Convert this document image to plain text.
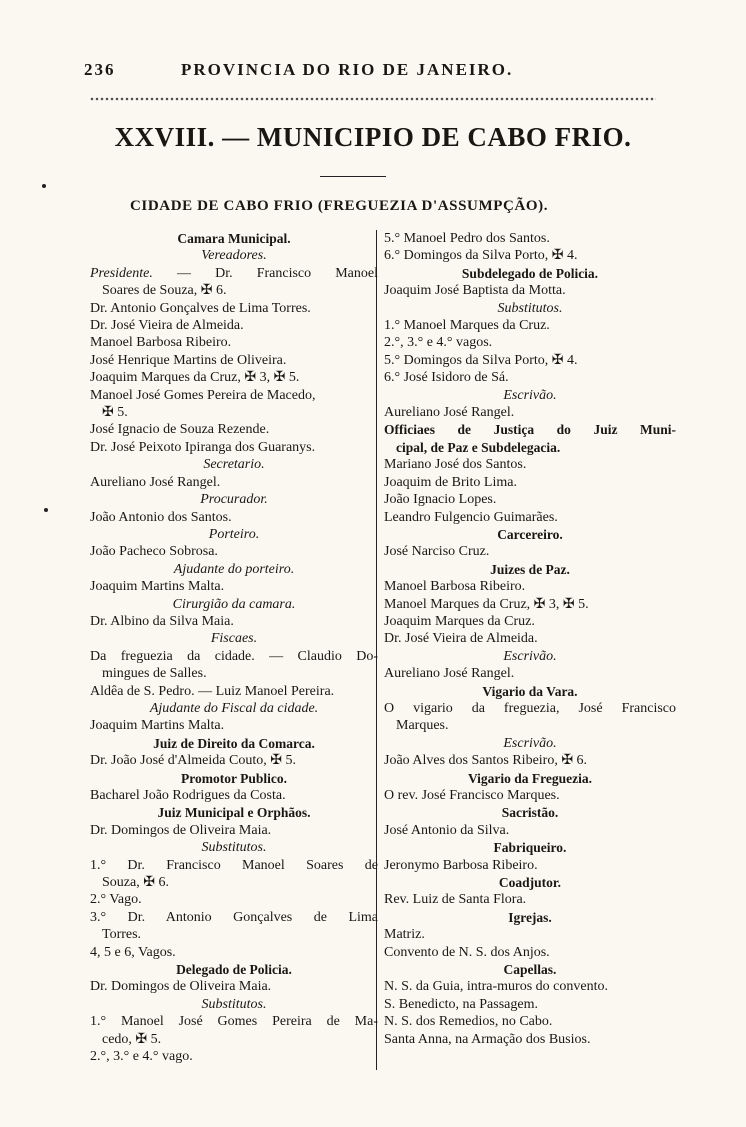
236	PROVINCIA DO RIO DE JANEIRO.
XXVIII. — MUNICIPIO DE CABO FRIO.
CIDADE DE CABO FRIO (FREGUEZIA D'ASSUMPÇÃO).
Camara Municipal.
Vereadores.
Presidente. — Dr. Francisco Manoel
Soares de Souza, ✠ 6.
Dr. Antonio Gonçalves de Lima Torres.
Dr. José Vieira de Almeida.
Manoel Barbosa Ribeiro.
José Henrique Martins de Oliveira.
Joaquim Marques da Cruz, ✠ 3, ✠ 5.
Manoel José Gomes Pereira de Macedo,
✠ 5.
José Ignacio de Souza Rezende.
Dr. José Peixoto Ipiranga dos Guaranys.
Secretario.
Aureliano José Rangel.
Procurador.
João Antonio dos Santos.
Porteiro.
João Pacheco Sobrosa.
Ajudante do porteiro.
Joaquim Martins Malta.
Cirurgião da camara.
Dr. Albino da Silva Maia.
Fiscaes.
Da freguezia da cidade. — Claudio Do-
mingues de Salles.
Aldêa de S. Pedro. — Luiz Manoel Pereira.
Ajudante do Fiscal da cidade.
Joaquim Martins Malta.
Juiz de Direito da Comarca.
Dr. João José d'Almeida Couto, ✠ 5.
Promotor Publico.
Bacharel João Rodrigues da Costa.
Juiz Municipal e Orphãos.
Dr. Domingos de Oliveira Maia.
Substitutos.
1.° Dr. Francisco Manoel Soares de
Souza, ✠ 6.
2.° Vago.
3.° Dr. Antonio Gonçalves de Lima
Torres.
4, 5 e 6, Vagos.
Delegado de Policia.
Dr. Domingos de Oliveira Maia.
Substitutos.
1.° Manoel José Gomes Pereira de Ma-
cedo, ✠ 5.
2.°, 3.° e 4.° vago.
5.° Manoel Pedro dos Santos.
6.° Domingos da Silva Porto, ✠ 4.
Subdelegado de Policia.
Joaquim José Baptista da Motta.
Substitutos.
1.° Manoel Marques da Cruz.
2.°, 3.° e 4.° vagos.
5.° Domingos da Silva Porto, ✠ 4.
6.° José Isidoro de Sá.
Escrivão.
Aureliano José Rangel.
Officiaes de Justiça do Juiz Muni-
cipal, de Paz e Subdelegacia.
Mariano José dos Santos.
Joaquim de Brito Lima.
João Ignacio Lopes.
Leandro Fulgencio Guimarães.
Carcereiro.
José Narciso Cruz.
Juizes de Paz.
Manoel Barbosa Ribeiro.
Manoel Marques da Cruz, ✠ 3, ✠ 5.
Joaquim Marques da Cruz.
Dr. José Vieira de Almeida.
Escrivão.
Aureliano José Rangel.
Vigario da Vara.
O vigario da freguezia, José Francisco
Marques.
Escrivão.
João Alves dos Santos Ribeiro, ✠ 6.
Vigario da Freguezia.
O rev. José Francisco Marques.
Sacristão.
José Antonio da Silva.
Fabriqueiro.
Jeronymo Barbosa Ribeiro.
Coadjutor.
Rev. Luiz de Santa Flora.
Igrejas.
Matriz.
Convento de N. S. dos Anjos.
Capellas.
N. S. da Guia, intra-muros do convento.
S. Benedicto, na Passagem.
N. S. dos Remedios, no Cabo.
Santa Anna, na Armação dos Busios.
